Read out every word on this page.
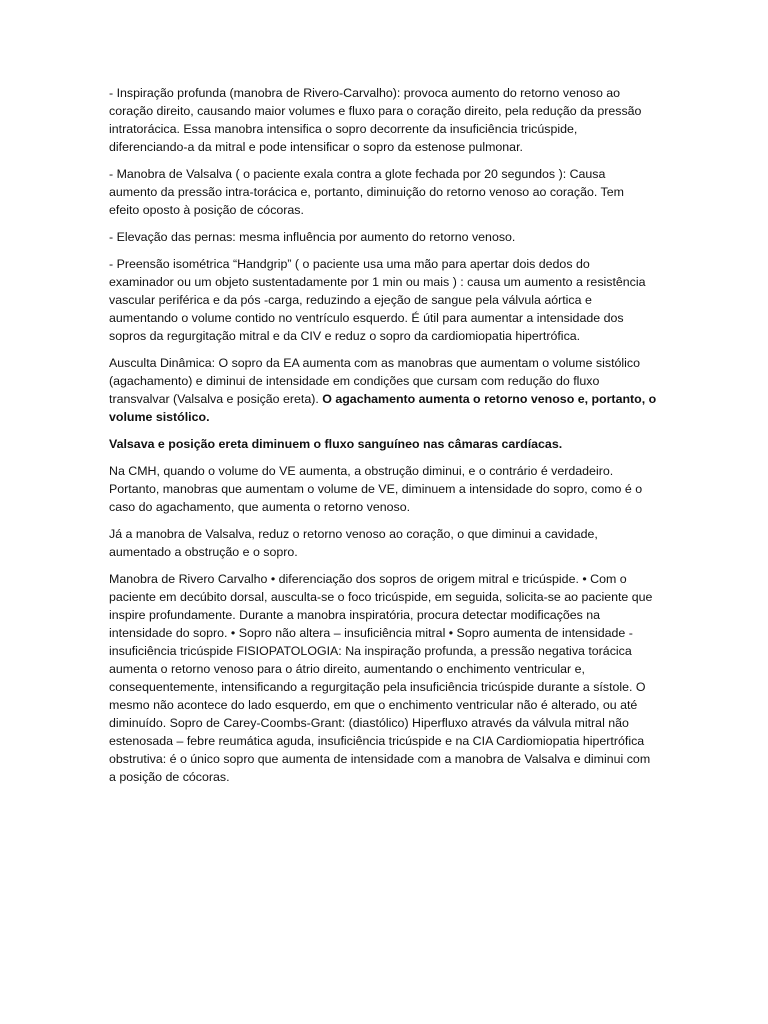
- Inspiração profunda (manobra de Rivero-Carvalho): provoca aumento do retorno venoso ao coração direito, causando maior volumes e fluxo para o coração direito, pela redução da pressão intratorácica. Essa manobra intensifica o sopro decorrente da insuficiência tricúspide, diferenciando-a da mitral e pode intensificar o sopro da estenose pulmonar.

- Manobra de Valsalva ( o paciente exala contra a glote fechada por 20 segundos ): Causa aumento da pressão intra-torácica e, portanto, diminuição do retorno venoso ao coração. Tem efeito oposto à posição de cócoras.

- Elevação das pernas: mesma influência por aumento do retorno venoso.

- Preensão isométrica “Handgrip” ( o paciente usa uma mão para apertar dois dedos do examinador ou um objeto sustentadamente por 1 min ou mais ) : causa um aumento a resistência vascular periférica e da pós -carga, reduzindo a ejeção de sangue pela válvula aórtica e aumentando o volume contido no ventrículo esquerdo. É útil para aumentar a intensidade dos sopros da regurgitação mitral e da CIV e reduz o sopro da cardiomiopatia hipertrófica.

Ausculta Dinâmica: O sopro da EA aumenta com as manobras que aumentam o volume sistólico (agachamento) e diminui de intensidade em condições que cursam com redução do fluxo transvalvar (Valsalva e posição ereta). O agachamento aumenta o retorno venoso e, portanto, o volume sistólico.

Valsava e posição ereta diminuem o fluxo sanguíneo nas câmaras cardíacas.

Na CMH, quando o volume do VE aumenta, a obstrução diminui, e o contrário é verdadeiro. Portanto, manobras que aumentam o volume de VE, diminuem a intensidade do sopro, como é o caso do agachamento, que aumenta o retorno venoso.

Já a manobra de Valsalva, reduz o retorno venoso ao coração, o que diminui a cavidade, aumentado a obstrução e o sopro.

Manobra de Rivero Carvalho • diferenciação dos sopros de origem mitral e tricúspide. • Com o paciente em decúbito dorsal, ausculta-se o foco tricúspide, em seguida, solicita-se ao paciente que inspire profundamente. Durante a manobra inspiratória, procura detectar modificações na intensidade do sopro. • Sopro não altera – insuficiência mitral • Sopro aumenta de intensidade - insuficiência tricúspide FISIOPATOLOGIA: Na inspiração profunda, a pressão negativa torácica aumenta o retorno venoso para o átrio direito, aumentando o enchimento ventricular e, consequentemente, intensificando a regurgitação pela insuficiência tricúspide durante a sístole. O mesmo não acontece do lado esquerdo, em que o enchimento ventricular não é alterado, ou até diminuído. Sopro de Carey-Coombs-Grant: (diastólico) Hiperfluxo através da válvula mitral não estenosada – febre reumática aguda, insuficiência tricúspide e na CIA Cardiomiopatia hipertrófica obstrutiva: é o único sopro que aumenta de intensidade com a manobra de Valsalva e diminui com a posição de cócoras.
